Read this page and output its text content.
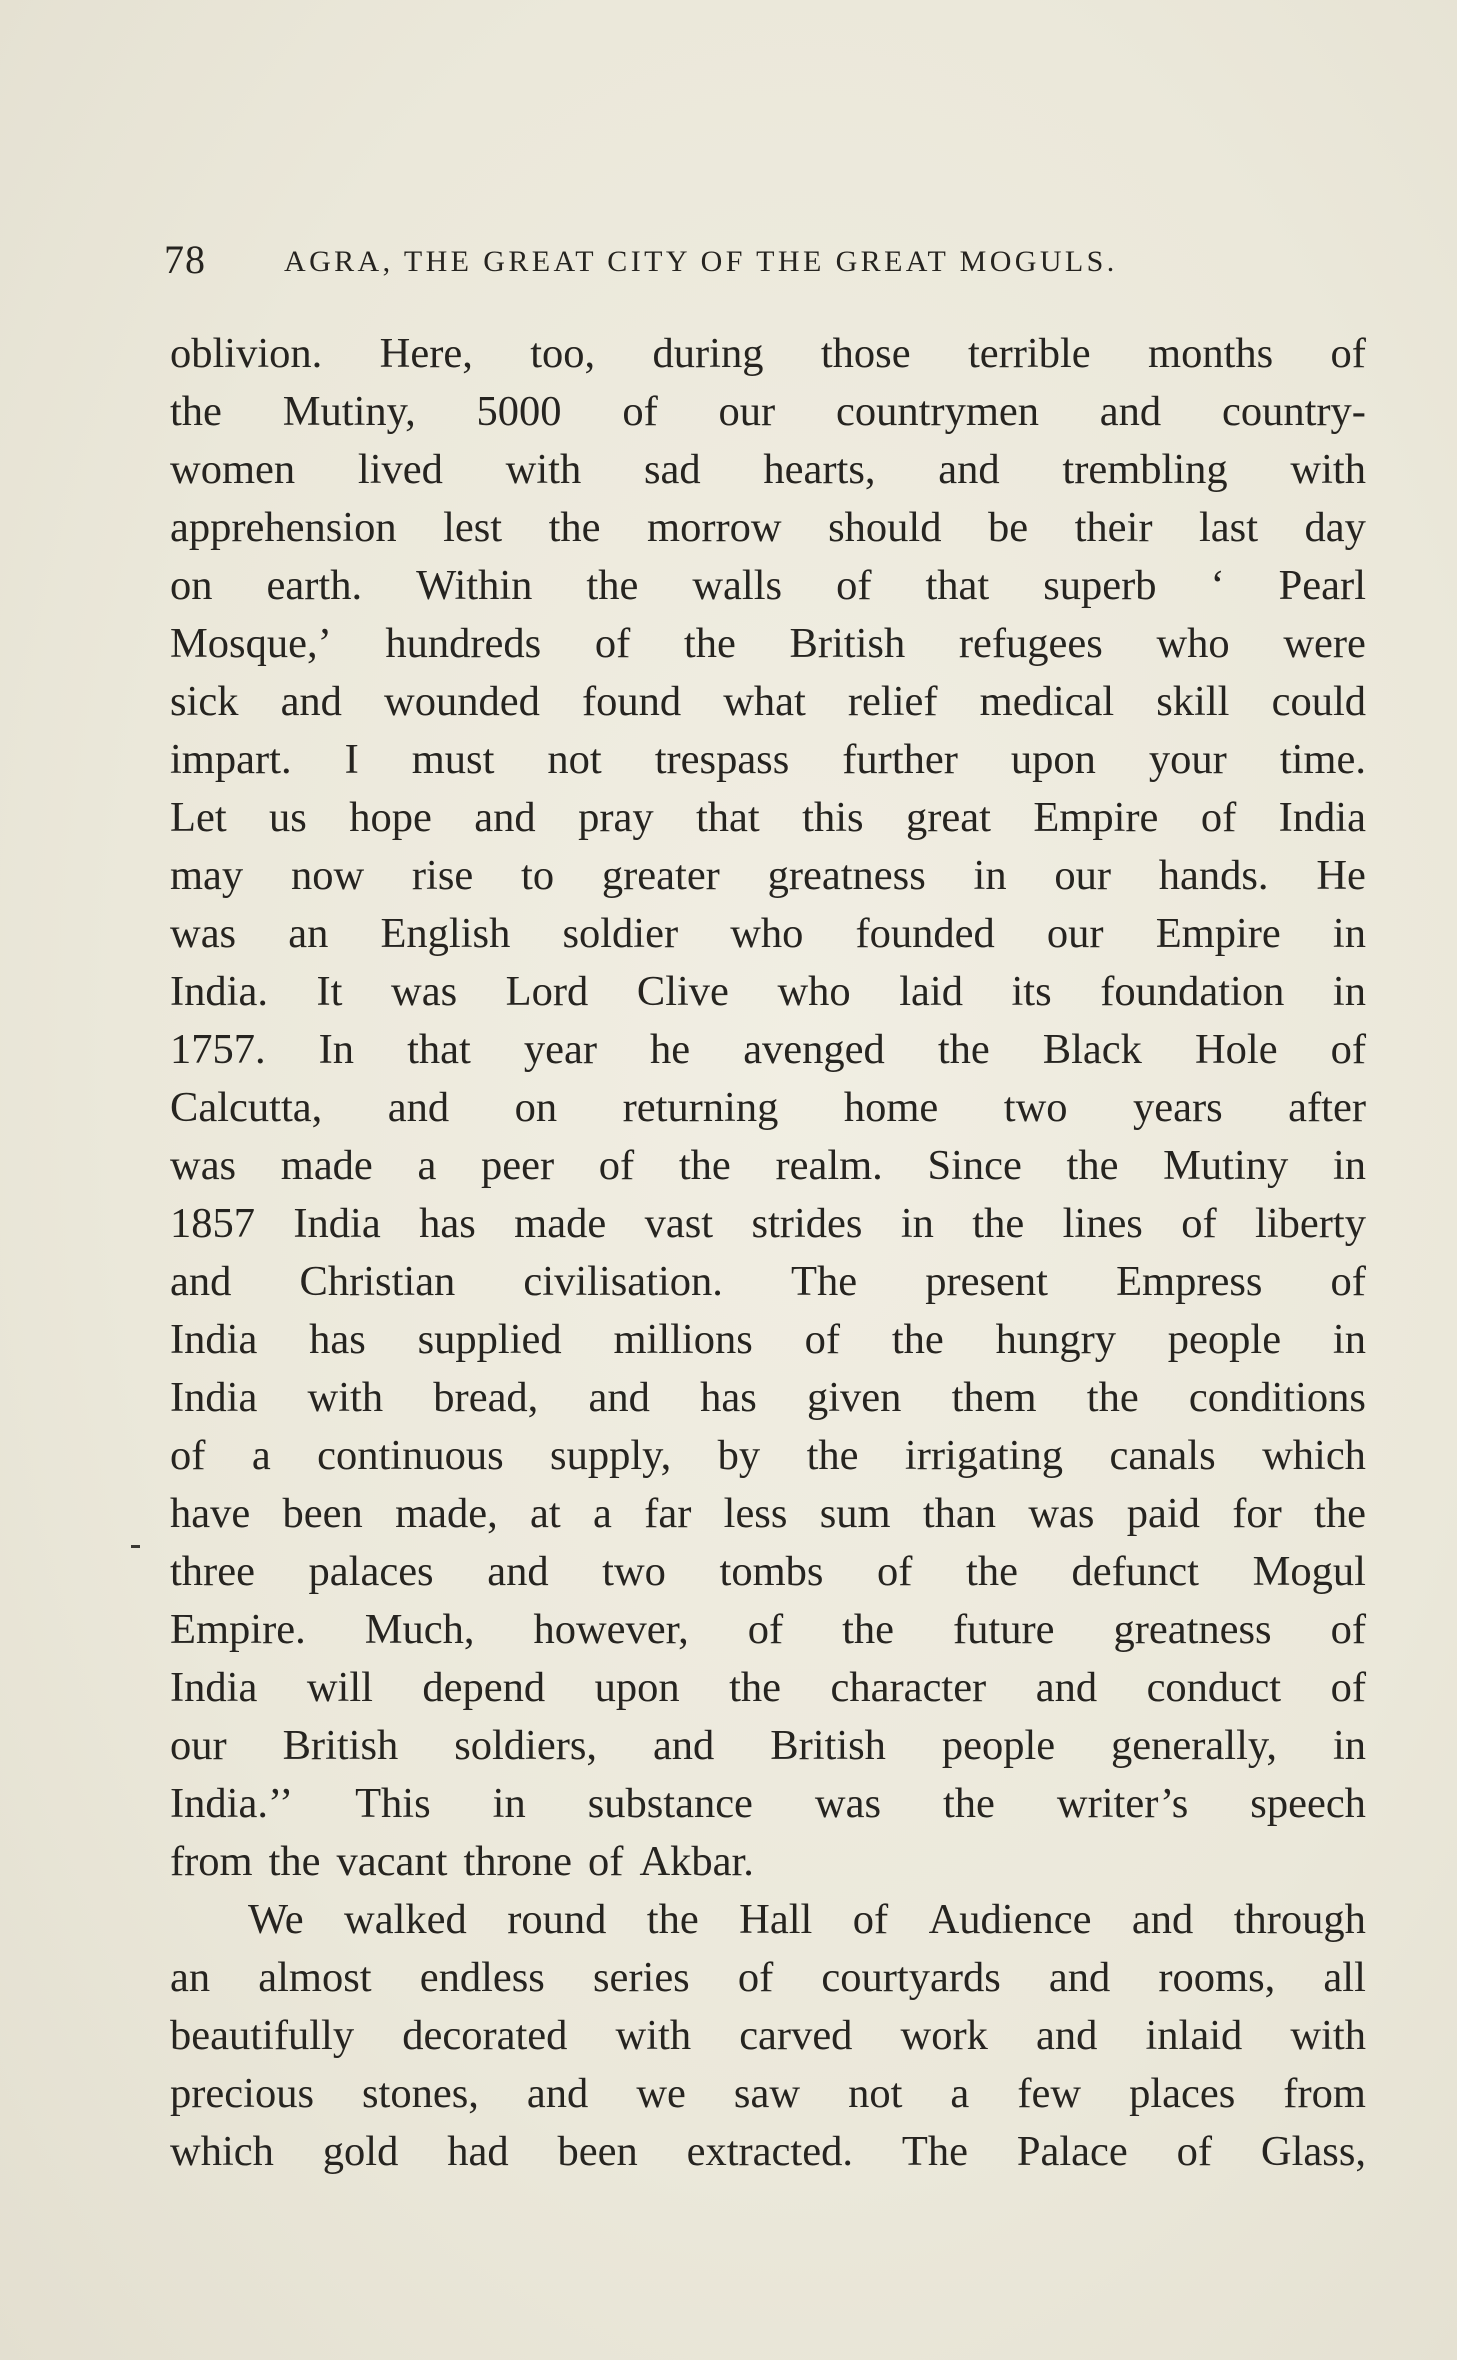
78	AGRA, THE GREAT CITY OF THE GREAT MOGULS.
oblivion. Here, too, during those terrible months of
the Mutiny, 5000 of our countrymen and country-
women lived with sad hearts, and trembling with
apprehension lest the morrow should be their last day
on earth. Within the walls of that superb ‘ Pearl
Mosque,’ hundreds of the British refugees who were
sick and wounded found what relief medical skill could
impart. I must not trespass further upon your time.
Let us hope and pray that this great Empire of India
may now rise to greater greatness in our hands. He
was an English soldier who founded our Empire in
India. It was Lord Clive who laid its foundation in
1757. In that year he avenged the Black Hole of
Calcutta, and on returning home two years after
was made a peer of the realm. Since the Mutiny in
1857 India has made vast strides in the lines of liberty
and Christian civilisation. The present Empress of
India has supplied millions of the hungry people in
India with bread, and has given them the conditions
of a continuous supply, by the irrigating canals which
have been made, at a far less sum than was paid for the
three palaces and two tombs of the defunct Mogul
Empire. Much, however, of the future greatness of
India will depend upon the character and conduct of
our British soldiers, and British people generally, in
India.’’ This in substance was the writer’s speech
from the vacant throne of Akbar.
We walked round the Hall of Audience and through
an almost endless series of courtyards and rooms, all
beautifully decorated with carved work and inlaid with
precious stones, and we saw not a few places from
which gold had been extracted. The Palace of Glass,
